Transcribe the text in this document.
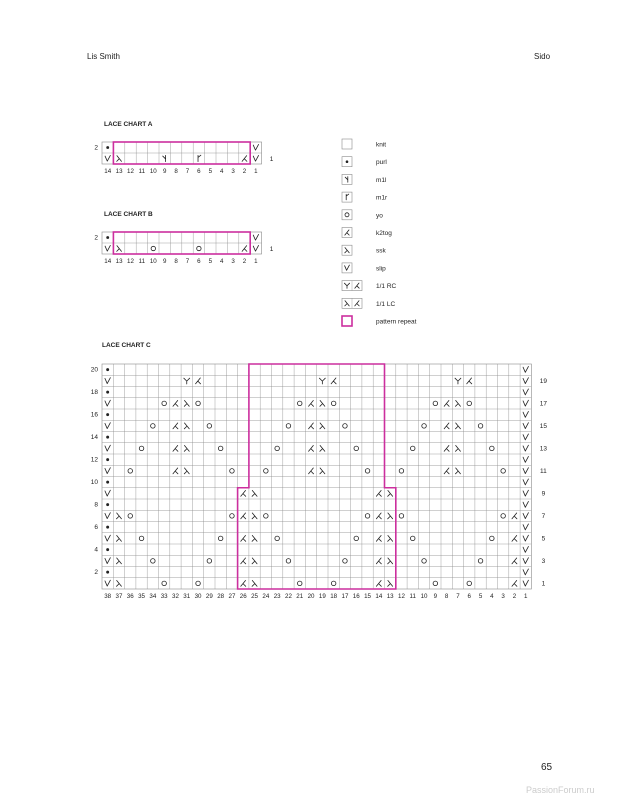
Lis Smith	Sido
LACE CHART A
LACE CHART B
LACE CHART C
65
PassionForum.ru
14 13 12 11 10 9 8 7 6 5 4 3 2 1
2
1
14 13 12 11 10 9 8 7 6 5 4 3 2 1
2
1
38 37 36 35 34 33 32 31 30 29 28 27 26 25 24 23 22 21 20 19 18 17 16 15 14 13 12 11 10 9 8 7 6 5 4 3 2 1
2
4
6
8
10
12
14
16
18
20
1
3
5
7
9
11
13
15
17
19
knit
purl
m1l
m1r
yo
k2tog
ssk
slip
1/1 RC
1/1 LC
pattern repeat
